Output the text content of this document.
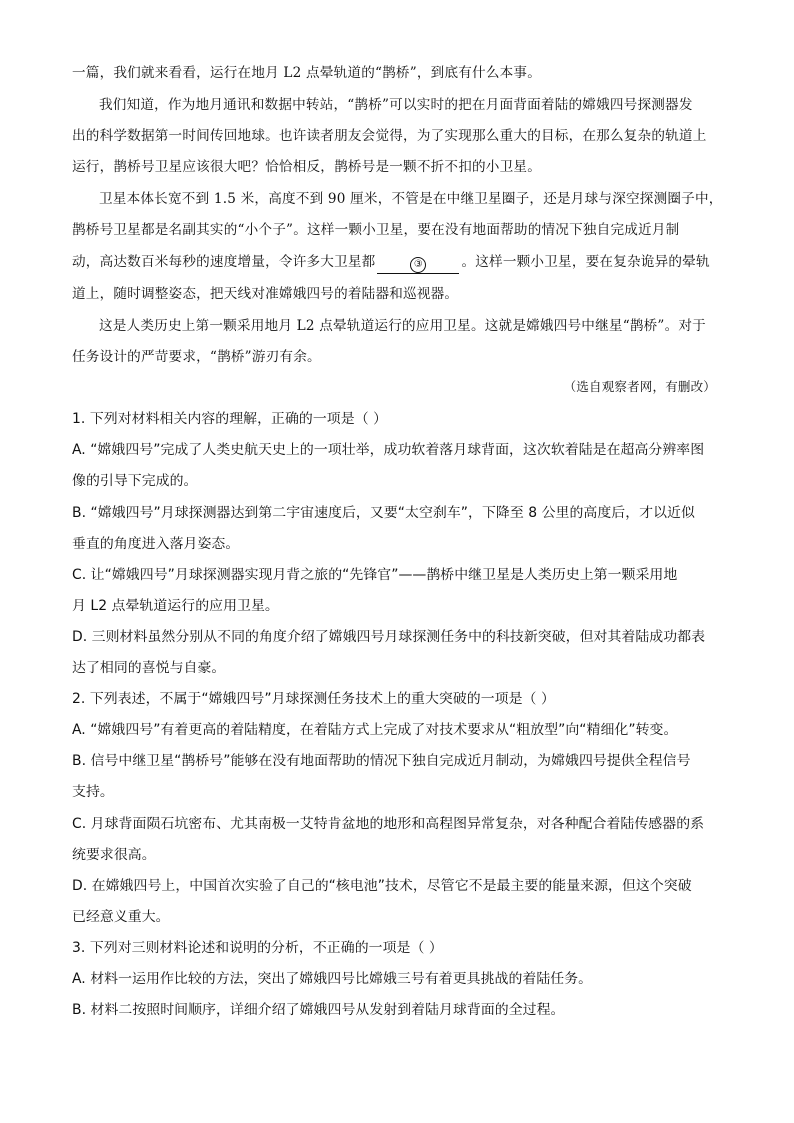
一篇，我们就来看看，运行在地月 L2 点晕轨道的“鹊桥”，到底有什么本事。
我们知道，作为地月通讯和数据中转站，“鹊桥”可以实时的把在月面背面着陆的嫦娥四号探测器发
出的科学数据第一时间传回地球。也许读者朋友会觉得，为了实现那么重大的目标，在那么复杂的轨道上
运行，鹊桥号卫星应该很大吧？恰恰相反，鹊桥号是一颗不折不扣的小卫星。
卫星本体长宽不到 1.5 米，高度不到 90 厘米，不管是在中继卫星圈子，还是月球与深空探测圈子中，
鹊桥号卫星都是名副其实的“小个子”。这样一颗小卫星，要在没有地面帮助的情况下独自完成近月制
动，高达数百米每秒的速度增量，令许多大卫星都	③	。这样一颗小卫星，要在复杂诡异的晕轨
道上，随时调整姿态，把天线对准嫦娥四号的着陆器和巡视器。
这是人类历史上第一颗采用地月 L2 点晕轨道运行的应用卫星。这就是嫦娥四号中继星“鹊桥”。对于
任务设计的严苛要求，“鹊桥”游刃有余。
（选自观察者网，有删改）
1. 下列对材料相关内容的理解，正确的一项是（ ）
A. “嫦娥四号”完成了人类史航天史上的一项壮举，成功软着落月球背面，这次软着陆是在超高分辨率图
像的引导下完成的。
B. “嫦娥四号”月球探测器达到第二宇宙速度后，又要“太空刹车”，下降至 8 公里的高度后，才以近似
垂直的角度进入落月姿态。
C. 让“嫦娥四号”月球探测器实现月背之旅的“先锋官”——鹊桥中继卫星是人类历史上第一颗采用地
月 L2 点晕轨道运行的应用卫星。
D. 三则材料虽然分别从不同的角度介绍了嫦娥四号月球探测任务中的科技新突破，但对其着陆成功都表
达了相同的喜悦与自豪。
2. 下列表述，不属于“嫦娥四号”月球探测任务技术上的重大突破的一项是（ ）
A. “嫦娥四号”有着更高的着陆精度，在着陆方式上完成了对技术要求从“粗放型”向“精细化”转变。
B. 信号中继卫星“鹊桥号”能够在没有地面帮助的情况下独自完成近月制动，为嫦娥四号提供全程信号
支持。
C. 月球背面陨石坑密布、尤其南极一艾特肯盆地的地形和高程图异常复杂，对各种配合着陆传感器的系
统要求很高。
D. 在嫦娥四号上，中国首次实验了自己的“核电池”技术，尽管它不是最主要的能量来源，但这个突破
已经意义重大。
3. 下列对三则材料论述和说明的分析，不正确的一项是（ ）
A. 材料一运用作比较的方法，突出了嫦娥四号比嫦娥三号有着更具挑战的着陆任务。
B. 材料二按照时间顺序，详细介绍了嫦娥四号从发射到着陆月球背面的全过程。
